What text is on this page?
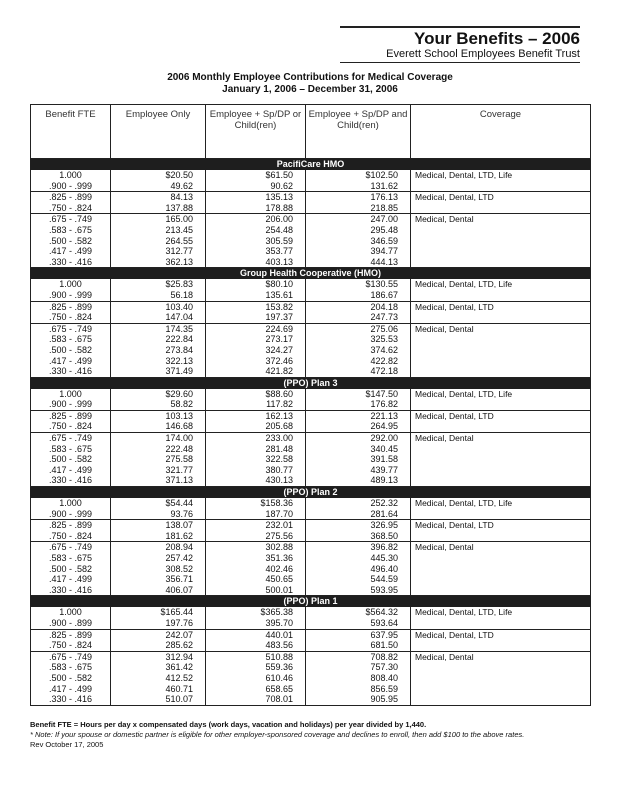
Your Benefits – 2006
Everett School Employees Benefit Trust
2006 Monthly Employee Contributions for Medical Coverage
January 1, 2006 – December 31, 2006
Benefit FTE	Employee Only	Employee + Sp/DP or Child(ren)	Employee + Sp/DP and Child(ren)	Coverage
PacifiCare HMO				
1.000	$20.50	$61.50	$102.50	Medical, Dental, LTD, Life
.900 - .999	49.62	90.62	131.62	
.825 - .899	84.13	135.13	176.13	Medical, Dental, LTD
.750 - .824	137.88	178.88	218.85	
.675 - .749	165.00	206.00	247.00	Medical, Dental
.583 - .675	213.45	254.48	295.48	
.500 - .582	264.55	305.59	346.59	
.417 - .499	312.77	353.77	394.77	
.330 - .416	362.13	403.13	444.13	
Group Health Cooperative (HMO)				
1.000	$25.83	$80.10	$130.55	Medical, Dental, LTD, Life
.900 - .999	56.18	135.61	186.67	
.825 - .899	103.40	153.82	204.18	Medical, Dental, LTD
.750 - .824	147.04	197.37	247.73	
.675 - .749	174.35	224.69	275.06	Medical, Dental
.583 - .675	222.84	273.17	325.53	
.500 - .582	273.84	324.27	374.62	
.417 - .499	322.13	372.46	422.82	
.330 - .416	371.49	421.82	472.18	
(PPO) Plan 3				
1.000	$29.60	$88.60	$147.50	Medical, Dental, LTD, Life
.900 - .999	58.82	117.82	176.82	
.825 - .899	103.13	162.13	221.13	Medical, Dental, LTD
.750 - .824	146.68	205.68	264.95	
.675 - .749	174.00	233.00	292.00	Medical, Dental
.583 - .675	222.48	281.48	340.45	
.500 - .582	275.58	322.58	391.58	
.417 - .499	321.77	380.77	439.77	
.330 - .416	371.13	430.13	489.13	
(PPO) Plan 2				
1.000	$54.44	$158.36	252.32	Medical, Dental, LTD, Life
.900 - .999	93.76	187.70	281.64	
.825 - .899	138.07	232.01	326.95	Medical, Dental, LTD
.750 - .824	181.62	275.56	368.50	
.675 - .749	208.94	302.88	396.82	Medical, Dental
.583 - .675	257.42	351.36	445.30	
.500 - .582	308.52	402.46	496.40	
.417 - .499	356.71	450.65	544.59	
.330 - .416	406.07	500.01	593.95	
(PPO) Plan 1				
1.000	$165.44	$365.38	$564.32	Medical, Dental, LTD, Life
.900 - .899	197.76	395.70	593.64	
.825 - .899	242.07	440.01	637.95	Medical, Dental, LTD
.750 - .824	285.62	483.56	681.50	
.675 - .749	312.94	510.88	708.82	Medical, Dental
.583 - .675	361.42	559.36	757.30	
.500 - .582	412.52	610.46	808.40	
.417 - .499	460.71	658.65	856.59	
.330 - .416	510.07	708.01	905.95	
Benefit FTE = Hours per day x compensated days (work days, vacation and holidays) per year divided by 1,440.
* Note: If your spouse or domestic partner is eligible for other employer-sponsored coverage and declines to enroll, then add $100 to the above rates.
Rev October 17, 2005
